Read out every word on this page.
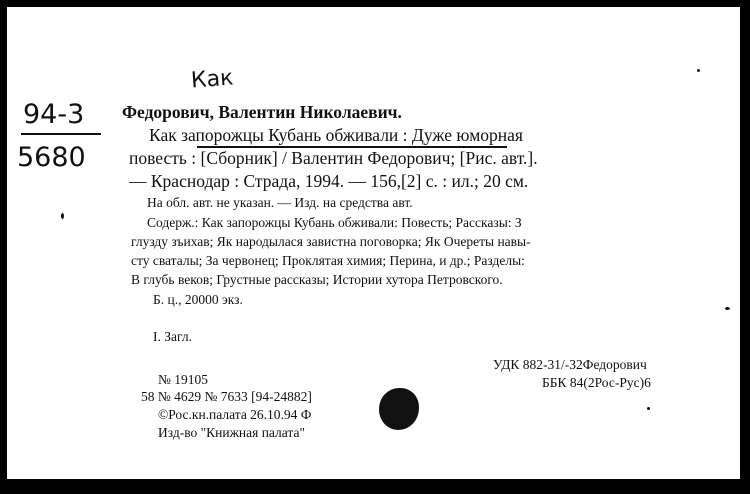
Как
94-3
5680
Федорович, Валентин Николаевич.
Как запорожцы Кубань обживали : Дуже юморная
повесть : [Сборник] / Валентин Федорович; [Рис. авт.].
— Краснодар : Страда, 1994. — 156,[2] с. : ил.; 20 см.
На обл. авт. не указан. — Изд. на средства авт.
Содерж.: Как запорожцы Кубань обживали: Повесть; Рассказы: З
глузду зъихав; Як народылася завистна поговорка; Як Очереты навы-
сту сваталы; За червонец; Проклятая химия; Перина, и др.; Разделы:
В глубь веков; Грустные рассказы; Истории хутора Петровского.
Б. ц., 20000 экз.
I. Загл.
№ 19105
УДК 882-31/-32Федорович
58 № 4629 № 7633 [94-24882]
ББК 84(2Рос-Рус)6
©Рос.кн.палата 26.10.94 Ф
Изд-во "Книжная палата"
